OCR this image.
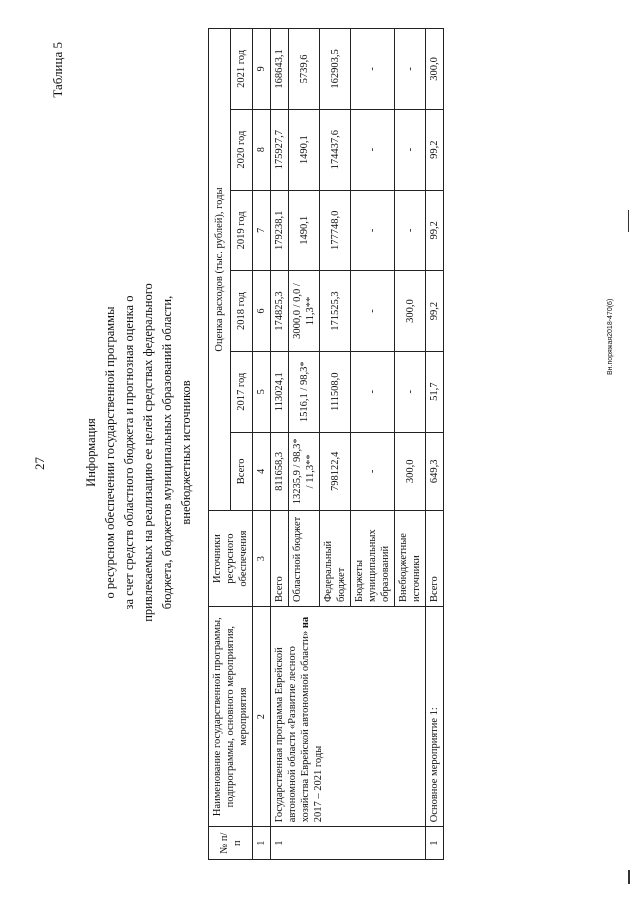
27
Таблица 5
Информация о ресурсном обеспечении государственной программы за счет средств областного бюджета и прогнозная оценка о привлекаемых на реализацию ее целей средствах федерального бюджета, бюджетов муниципальных образований области, внебюджетных источников
№ п/п	Наименование государственной программы, подпрограммы, основного мероприятия, мероприятия	Источники ресурсного обеспечения	Оценка расходов (тыс. рублей), годы					
			Всего	2017 год	2018 год	2019 год	2020 год	2021 год
1	2	3	4	5	6	7	8	9
1	Государственная программа Еврейской автономной области «Развитие лесного хозяйства Еврейской автономной области» на 2017 – 2021 годы	Всего	811658,3	113024,1	174825,3	179238,1	175927,7	168643,1
		Областной бюджет	13235,9 / 98,3* / 11,3**	1516,1 / 98,3*	3000,0 / 0,0 / 11,3**	1490,1	1490,1	5739,6
		Федеральный бюджет	798122,4	111508,0	171525,3	177748,0	174437,6	162903,5
		Бюджеты муниципальных образований	-	-	-	-	-	-
		Внебюджетные источники	300,0	-	300,0	-	-	-
1	Основное мероприятие 1:	Всего	649,3	51,7	99,2	99,2	99,2	300,0
Вн.поряжая2018-470(6)
